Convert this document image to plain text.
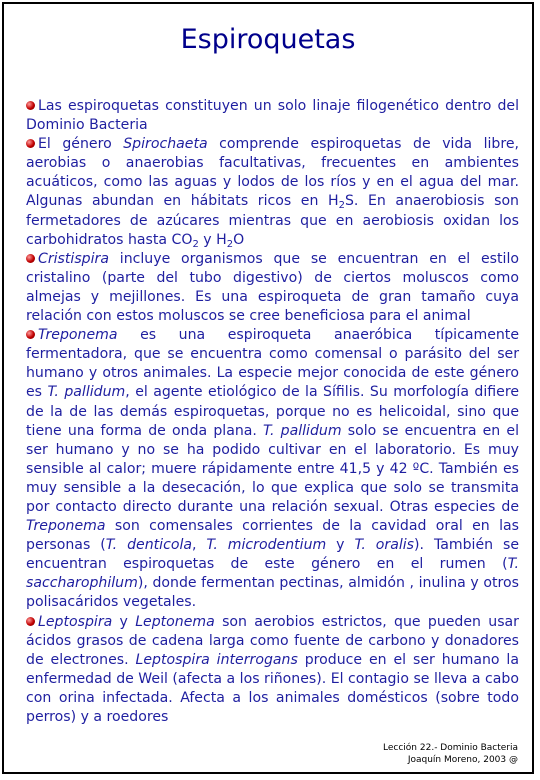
Espiroquetas

Las espiroquetas constituyen un solo linaje filogenético dentro del Dominio Bacteria

El género Spirochaeta comprende espiroquetas de vida libre, aerobias o anaerobias facultativas, frecuentes en ambientes acuáticos, como las aguas y lodos de los ríos y en el agua del mar. Algunas abundan en hábitats ricos en $H_2S$. En anaerobiosis son fermetadores de azúcares mientras que en aerobiosis oxidan los carbohidratos hasta $CO_2$ y $H_2O$

Cristispira incluye organismos que se encuentran en el estilo cristalino (parte del tubo digestivo) de ciertos moluscos como almejas y mejillones. Es una espiroqueta de gran tamaño cuya relación con estos moluscos se cree beneficiosa para el animal

Treponema es una espiroqueta anaeróbica típicamente fermentadora, que se encuentra como comensal o parásito del ser humano y otros animales. La especie mejor conocida de este género es T. pallidum, el agente etiológico de la Sífilis. Su morfología difiere de la de las demás espiroquetas, porque no es helicoidal, sino que tiene una forma de onda plana. T. pallidum solo se encuentra en el ser humano y no se ha podido cultivar en el laboratorio. Es muy sensible al calor; muere rápidamente entre 41,5 y 42 ºC. También es muy sensible a la desecación, lo que explica que solo se transmita por contacto directo durante una relación sexual. Otras especies de Treponema son comensales corrientes de la cavidad oral en las personas (T. denticola, T. microdentium y T. oralis). También se encuentran espiroquetas de este género en el rumen (T. saccharophilum), donde fermentan pectinas, almidón , inulina y otros polisacáridos vegetales.

Leptospira y Leptonema son aerobios estrictos, que pueden usar ácidos grasos de cadena larga como fuente de carbono y donadores de electrones. Leptospira interrogans produce en el ser humano la enfermedad de Weil (afecta a los riñones). El contagio se lleva a cabo con orina infectada. Afecta a los animales domésticos (sobre todo perros) y a roedores

Lección 22.- Dominio Bacteria
Joaquín Moreno, 2003 @
